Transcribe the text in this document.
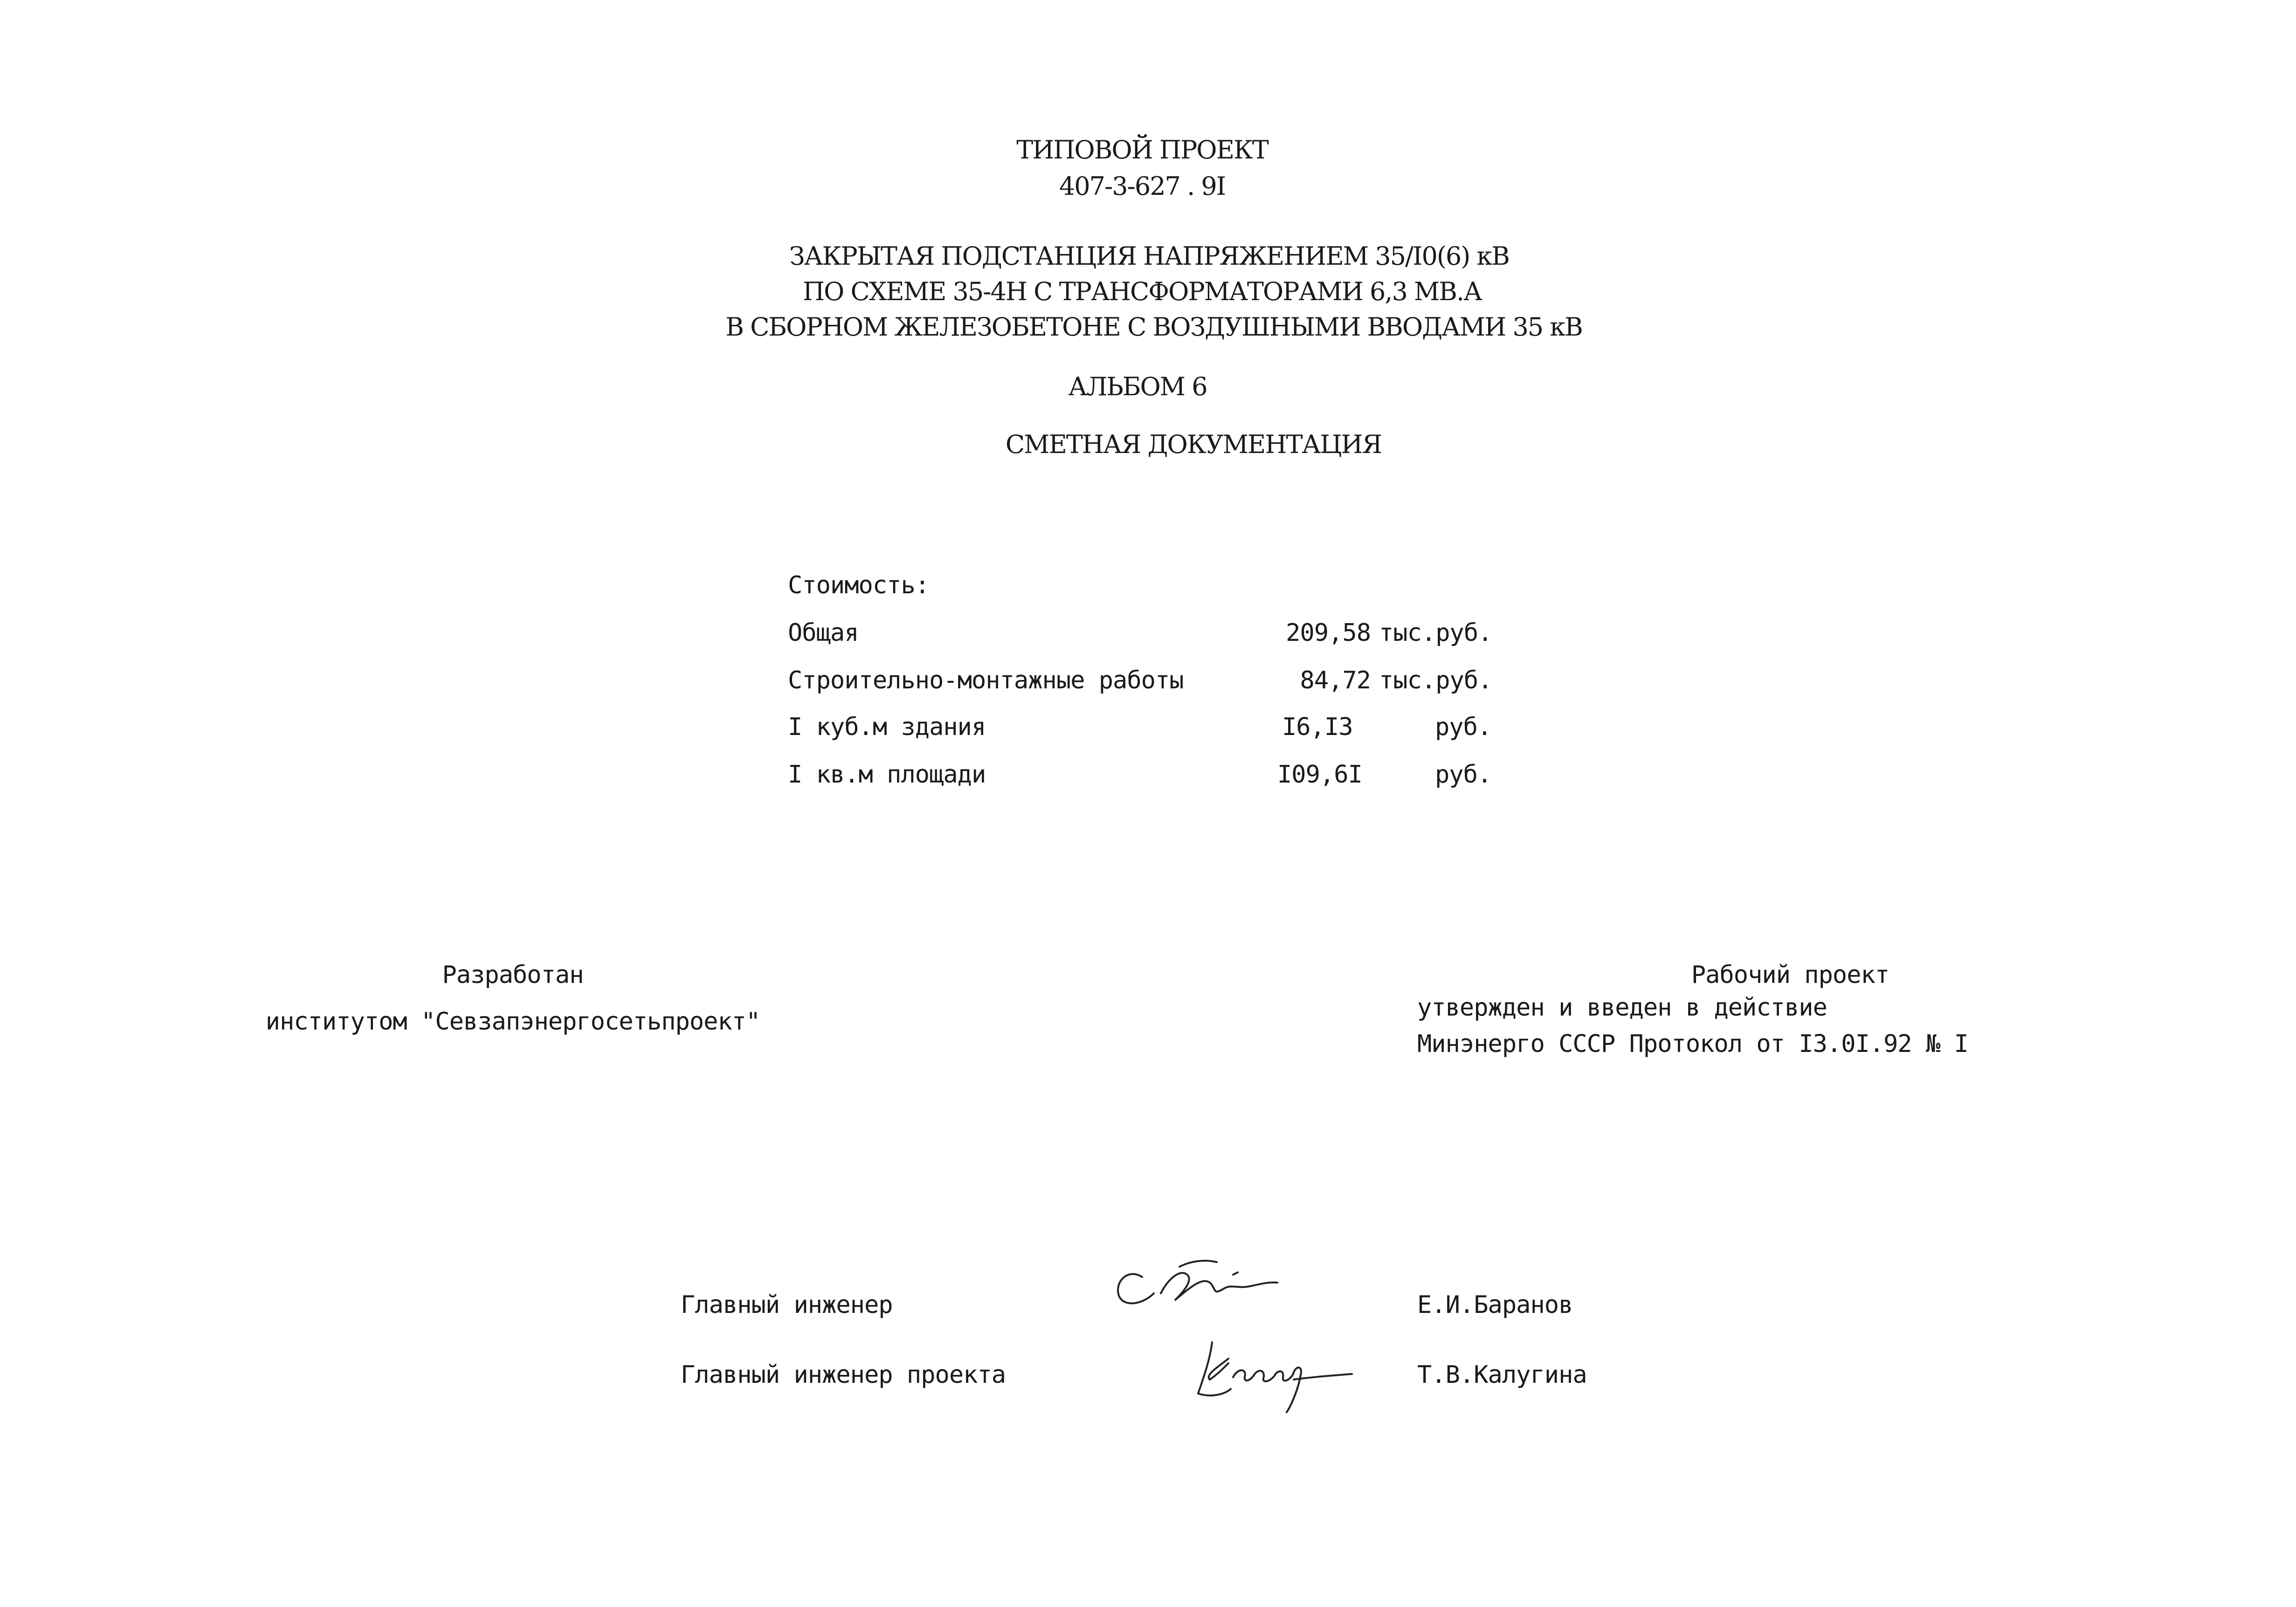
ТИПОВОЙ ПРОЕКТ
407-3-627 . 9I
ЗАКРЫТАЯ ПОДСТАНЦИЯ НАПРЯЖЕНИЕМ 35/I0(6) кВ
ПО СХЕМЕ 35-4Н С ТРАНСФОРМАТОРАМИ 6,3 МВ.А
В СБОРНОМ ЖЕЛЕЗОБЕТОНЕ С ВОЗДУШНЫМИ ВВОДАМИ 35 кВ
АЛЬБОМ 6
СМЕТНАЯ ДОКУМЕНТАЦИЯ
Стоимость:
Общая	209,58 тыс.руб.
Строительно-монтажные работы	84,72 тыс.руб.
I куб.м здания	I6,I3	руб.
I кв.м площади	I09,6I	руб.
Разработан
институтом "Севзапэнергосетьпроект"
Рабочий проект
утвержден и введен в действие
Минэнерго СССР Протокол от I3.0I.92 № I
Главный инженер	Е.И.Баранов
Главный инженер проекта	Т.В.Калугина
